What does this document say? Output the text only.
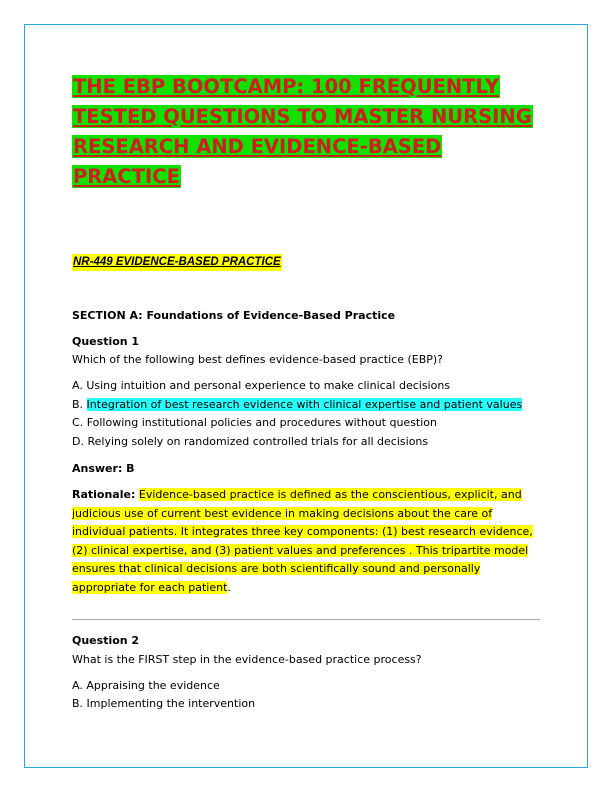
THE EBP BOOTCAMP: 100 FREQUENTLY TESTED QUESTIONS TO MASTER NURSING RESEARCH AND EVIDENCE-BASED PRACTICE
NR-449 EVIDENCE-BASED PRACTICE
SECTION A: Foundations of Evidence-Based Practice
Question 1
Which of the following best defines evidence-based practice (EBP)?
A. Using intuition and personal experience to make clinical decisions
B. Integration of best research evidence with clinical expertise and patient values
C. Following institutional policies and procedures without question
D. Relying solely on randomized controlled trials for all decisions
Answer: B
Rationale: Evidence-based practice is defined as the conscientious, explicit, and judicious use of current best evidence in making decisions about the care of individual patients. It integrates three key components: (1) best research evidence, (2) clinical expertise, and (3) patient values and preferences . This tripartite model ensures that clinical decisions are both scientifically sound and personally appropriate for each patient.
Question 2
What is the FIRST step in the evidence-based practice process?
A. Appraising the evidence
B. Implementing the intervention
